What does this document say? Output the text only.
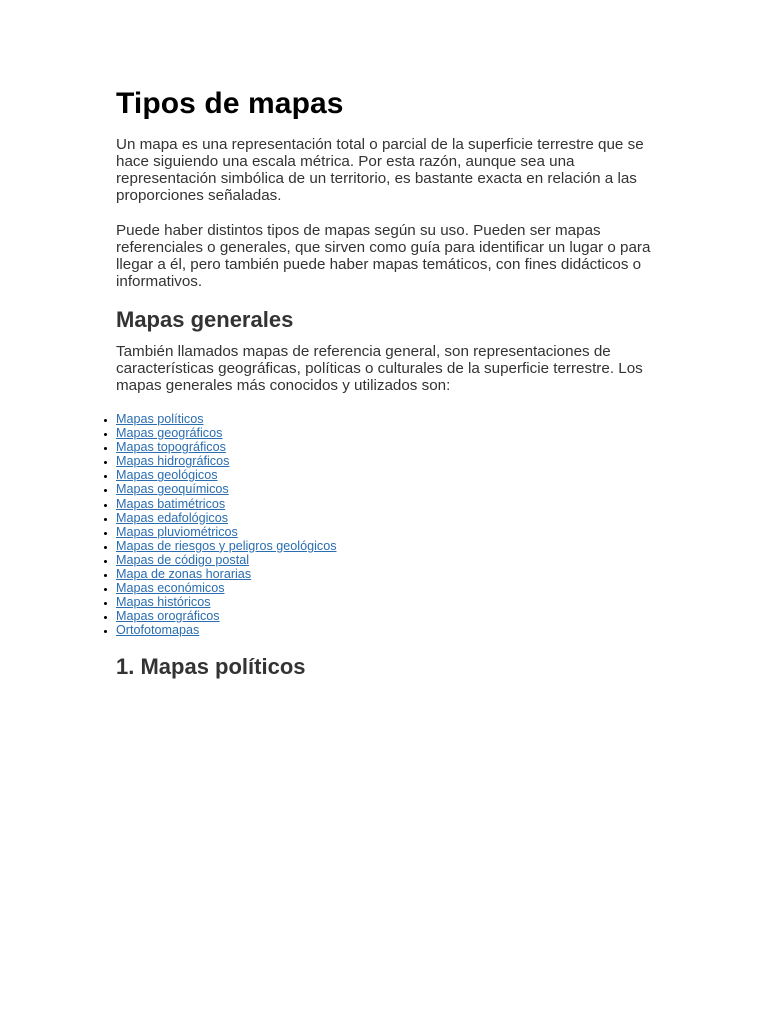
Tipos de mapas

Un mapa es una representación total o parcial de la superficie terrestre que se hace siguiendo una escala métrica. Por esta razón, aunque sea una representación simbólica de un territorio, es bastante exacta en relación a las proporciones señaladas.

Puede haber distintos tipos de mapas según su uso. Pueden ser mapas referenciales o generales, que sirven como guía para identificar un lugar o para llegar a él, pero también puede haber mapas temáticos, con fines didácticos o informativos.

Mapas generales

También llamados mapas de referencia general, son representaciones de características geográficas, políticas o culturales de la superficie terrestre. Los mapas generales más conocidos y utilizados son:

• Mapas políticos
• Mapas geográficos
• Mapas topográficos
• Mapas hidrográficos
• Mapas geológicos
• Mapas geoquímicos
• Mapas batimétricos
• Mapas edafológicos
• Mapas pluviométricos
• Mapas de riesgos y peligros geológicos
• Mapas de código postal
• Mapa de zonas horarias
• Mapas económicos
• Mapas históricos
• Mapas orográficos
• Ortofotomapas
1. Mapas políticos
